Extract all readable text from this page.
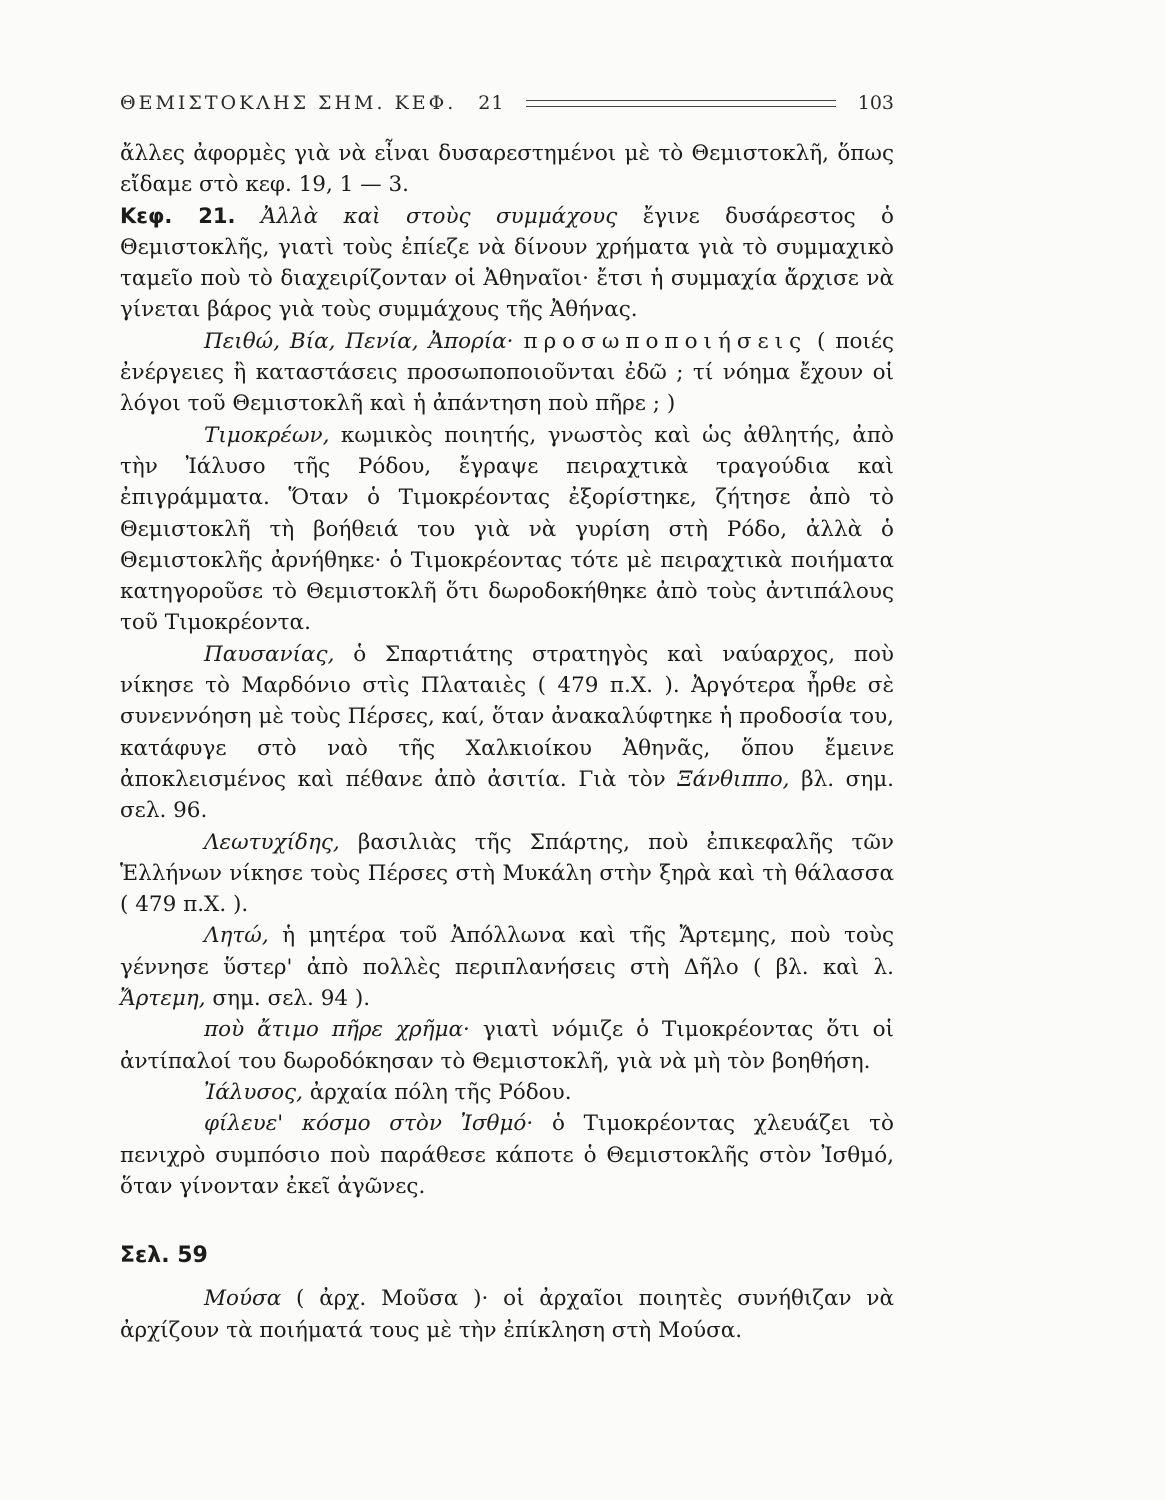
ΘΕΜΙΣΤΟΚΛΗΣ ΣΗΜ. ΚΕΦ. 21	103

ἄλλες ἀφορμὲς γιὰ νὰ εἶναι δυσαρεστημένοι μὲ τὸ Θεμιστοκλῆ, ὅπως εἴδαμε στὸ κεφ. 19, 1 — 3.

Κεφ. 21. Ἀλλὰ καὶ στοὺς συμμάχους ἔγινε δυσάρεστος ὁ Θεμιστοκλῆς, γιατὶ τοὺς ἐπίεζε νὰ δίνουν χρήματα γιὰ τὸ συμμαχικὸ ταμεῖο ποὺ τὸ διαχειρίζονταν οἱ Ἀθηναῖοι· ἔτσι ἡ συμμαχία ἄρχισε νὰ γίνεται βάρος γιὰ τοὺς συμμάχους τῆς Ἀθήνας.

Πειθώ, Βία, Πενία, Ἀπορία· προσωποποιήσεις ( ποιές ἐνέργειες ἢ καταστάσεις προσωποποιοῦνται ἐδῶ ; τί νόημα ἔχουν οἱ λόγοι τοῦ Θεμιστοκλῆ καὶ ἡ ἀπάντηση ποὺ πῆρε ; )

Τιμοκρέων, κωμικὸς ποιητής, γνωστὸς καὶ ὡς ἀθλητής, ἀπὸ τὴν Ἰάλυσο τῆς Ρόδου, ἔγραψε πειραχτικὰ τραγούδια καὶ ἐπιγράμματα. Ὅταν ὁ Τιμοκρέοντας ἐξορίστηκε, ζήτησε ἀπὸ τὸ Θεμιστοκλῆ τὴ βοήθειά του γιὰ νὰ γυρίση στὴ Ρόδο, ἀλλὰ ὁ Θεμιστοκλῆς ἀρνήθηκε· ὁ Τιμοκρέοντας τότε μὲ πειραχτικὰ ποιήματα κατηγοροῦσε τὸ Θεμιστοκλῆ ὅτι δωροδοκήθηκε ἀπὸ τοὺς ἀντιπάλους τοῦ Τιμοκρέοντα.

Παυσανίας, ὁ Σπαρτιάτης στρατηγὸς καὶ ναύαρχος, ποὺ νίκησε τὸ Μαρδόνιο στὶς Πλαταιὲς ( 479 π.Χ. ). Ἀργότερα ἦρθε σὲ συνεννόηση μὲ τοὺς Πέρσες, καί, ὅταν ἀνακαλύφτηκε ἡ προδοσία του, κατάφυγε στὸ ναὸ τῆς Χαλκιοίκου Ἀθηνᾶς, ὅπου ἔμεινε ἀποκλεισμένος καὶ πέθανε ἀπὸ ἀσιτία. Γιὰ τὸν Ξάνθιππο, βλ. σημ. σελ. 96.

Λεωτυχίδης, βασιλιὰς τῆς Σπάρτης, ποὺ ἐπικεφαλῆς τῶν Ἑλλήνων νίκησε τοὺς Πέρσες στὴ Μυκάλη στὴν ξηρὰ καὶ τὴ θάλασσα ( 479 π.Χ. ).

Λητώ, ἡ μητέρα τοῦ Ἀπόλλωνα καὶ τῆς Ἄρτεμης, ποὺ τοὺς γέννησε ὕστερ' ἀπὸ πολλὲς περιπλανήσεις στὴ Δῆλο ( βλ. καὶ λ. Ἄρτεμη, σημ. σελ. 94 ).

ποὺ ἄτιμο πῆρε χρῆμα· γιατὶ νόμιζε ὁ Τιμοκρέοντας ὅτι οἱ ἀντίπαλοί του δωροδόκησαν τὸ Θεμιστοκλῆ, γιὰ νὰ μὴ τὸν βοηθήση.

Ἰάλυσος, ἀρχαία πόλη τῆς Ρόδου.

φίλευε' κόσμο στὸν Ἰσθμό· ὁ Τιμοκρέοντας χλευάζει τὸ πενιχρὸ συμπόσιο ποὺ παράθεσε κάποτε ὁ Θεμιστοκλῆς στὸν Ἰσθμό, ὅταν γίνονταν ἐκεῖ ἀγῶνες.

Σελ. 59

Μούσα ( ἀρχ. Μοῦσα )· οἱ ἀρχαῖοι ποιητὲς συνήθιζαν νὰ ἀρχίζουν τὰ ποιήματά τους μὲ τὴν ἐπίκληση στὴ Μούσα.
